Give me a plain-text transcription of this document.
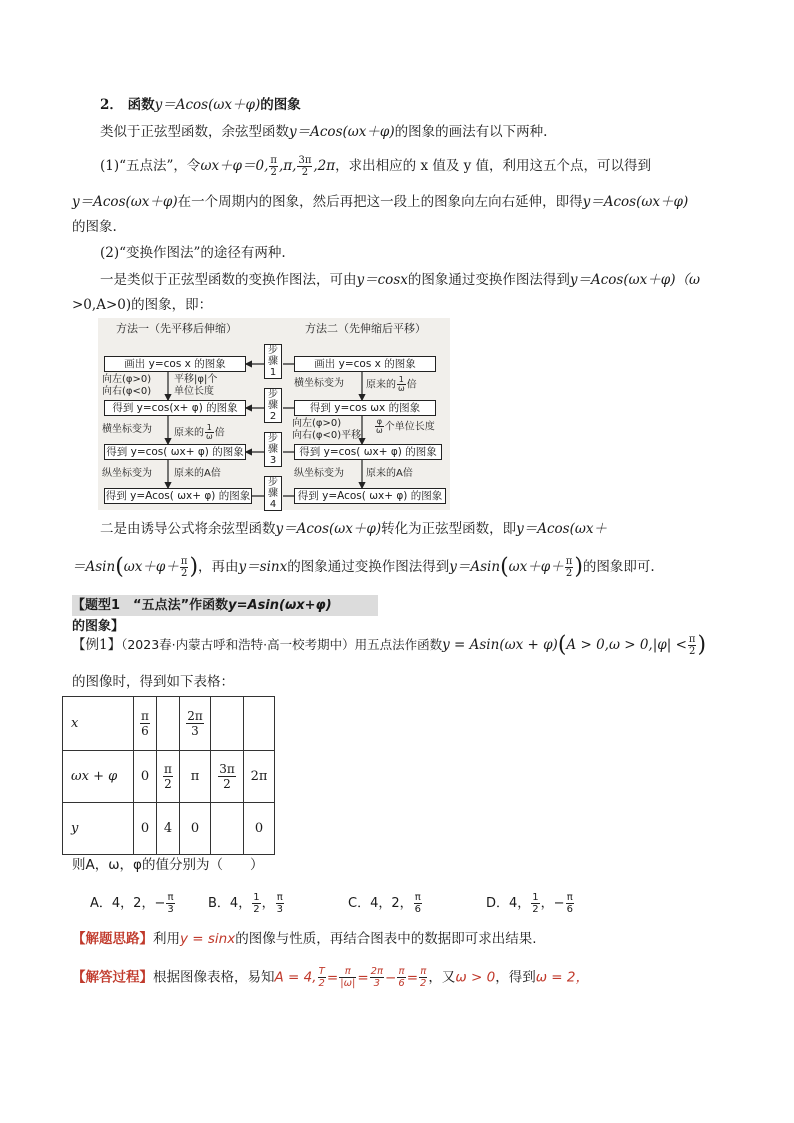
2． 函数y＝Acos(ωx＋φ)的图象
类似于正弦型函数，余弦型函数y＝Acos(ωx＋φ)的图象的画法有以下两种.
(1)“五点法”，令ωx＋φ＝0, $\frac{\pi}{2} ,\pi$, $\frac{3\pi}{2} ,2\pi$，求出相应的 x 值及 y 值，利用这五个点，可以得到
y＝Acos(ωx＋φ)在一个周期内的图象，然后再把这一段上的图象向左向右延伸，即得y＝Acos(ωx＋φ)
的图象.
(2)“变换作图法”的途径有两种.
一是类似于正弦型函数的变换作图法，可由y＝cosx的图象通过变换作图法得到y＝Acos(ωx＋φ)（ω
>0,A>0)的图象，即：
方法一（先平移后伸缩）	方法二（先伸缩后平移）
画出 y=cos x 的图象
得到 y=cos(x+ φ) 的图象
得到 y=cos( ωx+ φ) 的图象
得到 y=Acos( ωx+ φ) 的图象
画出 y=cos x 的图象
得到 y=cos ωx 的图象
得到 y=cos( ωx+ φ) 的图象
得到 y=Acos( ωx+ φ) 的图象
步骤1
步骤2
步骤3
步骤4
向左(φ>0)
向右(φ<0)
平移|φ|个
单位长度
横坐标变为 原来的 $\frac{1}{\omega}$ 倍
纵坐标变为 原来的A倍
横坐标变为 原来的 $\frac{1}{\omega}$ 倍
向左(φ>0)
向右(φ<0)平移
$\frac{\varphi}{\omega}$ 个单位长度
纵坐标变为 原来的A倍
二是由诱导公式将余弦型函数y＝Acos(ωx＋φ)转化为正弦型函数，即y＝Acos(ωx＋
$=Asin(\omega x+\varphi+ \frac{\pi}{2}$ )，再由y＝sinx的图象通过变换作图法得到$y=Asin(\omega x+\varphi+ \frac{\pi}{2}$ )的图象即可.
【题型1　“五点法”作函数y=Asin(ωx+φ)的图象】
【例1】（2023春·内蒙古呼和浩特·高一校考期中）用五点法作函数$y = Asin(\omega x + \varphi)(A > 0,\omega > 0,|\varphi| < \frac{\pi}{2}$ )
的图像时，得到如下表格：
x	$\frac{\pi}{6}$		$\frac{2\pi}{3}$

ωx + φ	0	$\frac{\pi}{2}$	π	$\frac{3\pi}{2}$	2π
y	0	4	0		0
则A，ω，φ的值分别为（　　）
A．4，2，− $\frac{\pi}{3}$	B．4， $\frac{1}{2}$ ， $\frac{\pi}{3}$	C．4，2， $\frac{\pi}{6}$	D．4， $\frac{1}{2}$ ，− $\frac{\pi}{6}$
【解题思路】利用y = sinx的图像与性质，再结合图表中的数据即可求出结果.
【解答过程】根据图像表格，易知A = 4, $\frac{T}{2} = \frac{\pi}{|\omega|} = \frac{2\pi}{3} - \frac{\pi}{6} = \frac{\pi}{2}$ ，又ω > 0，得到ω = 2，
